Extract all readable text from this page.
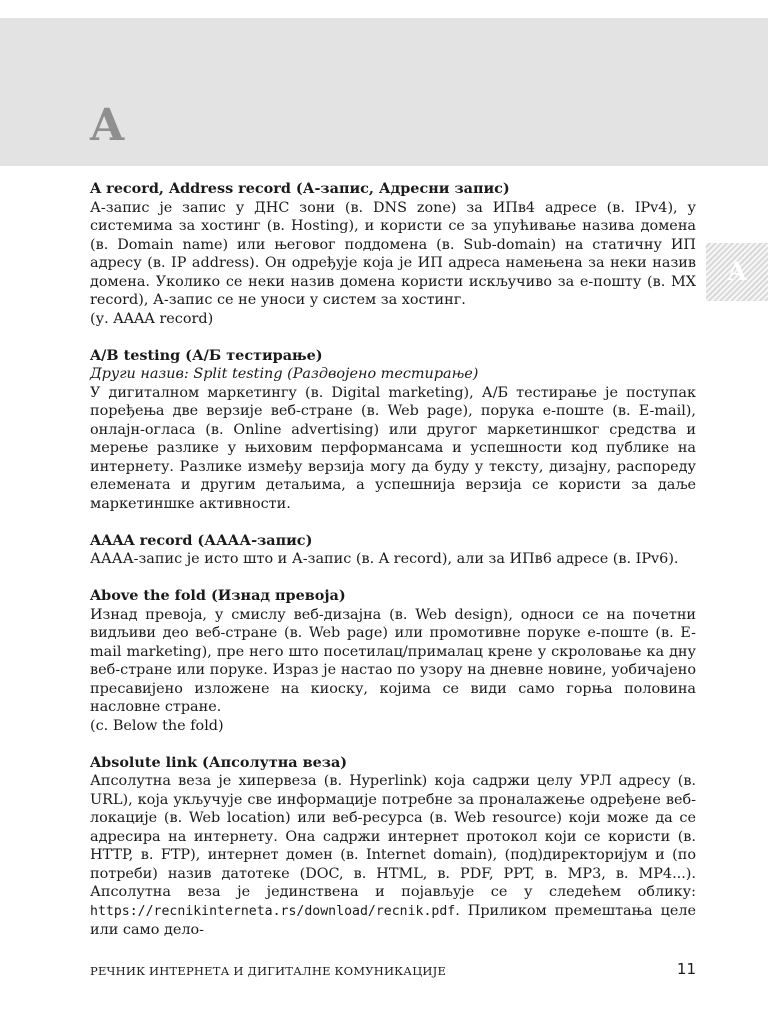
A
A
A record, Address record (А-запис, Адресни запис)
А-запис је запис у ДНС зони (в. DNS zone) за ИПв4 адресе (в. IPv4), у системима за хостинг (в. Hosting), и користи се за упућивање назива домена (в. Domain name) или његовог поддомена (в. Sub-domain) на статичну ИП адресу (в. IP address). Он одређује која је ИП адреса намењена за неки назив домена. Уколико се неки назив домена користи искључиво за е-пошту (в. MX record), А-запис се не уноси у систем за хостинг.
(у. AAAA record)
A/B testing (А/Б тестирање)
Други назив: Split testing (Раздвојено тестирање)
У дигиталном маркетингу (в. Digital marketing), А/Б тестирање је поступак поређења две верзије веб-стране (в. Web page), порука е-поште (в. E-mail), онлајн-огласа (в. Online advertising) или другог маркетиншког средства и мерење разлике у њиховим перформансама и успешности код публике на интернету. Разлике између верзија могу да буду у тексту, дизајну, распореду елемената и другим детаљима, а успешнија верзија се користи за даље маркетиншке активности.
AAAA record (АААА-запис)
АААА-запис је исто што и А-запис (в. A record), али за ИПв6 адресе (в. IPv6).
Above the fold (Изнад превоја)
Изнад превоја, у смислу веб-дизајна (в. Web design), односи се на почетни видљиви део веб-стране (в. Web page) или промотивне поруке е-поште (в. E-mail marketing), пре него што посетилац/прималац крене у скроловање ка дну веб-стране или поруке. Израз је настао по узору на дневне новине, уобичајено пресавијено изложене на киоску, којима се види само горња половина насловне стране.
(с. Below the fold)
Absolute link (Апсолутна веза)
Апсолутна веза је хипервеза (в. Hyperlink) која садржи целу УРЛ адресу (в. URL), која укључује све информације потребне за проналажење одређене веб-локације (в. Web location) или веб-ресурса (в. Web resource) који може да се адресира на интернету. Она садржи интернет протокол који се користи (в. HTTP, в. FTP), интернет домен (в. Internet domain), (под)директоријум и (по потреби) назив датотеке (DOC, в. HTML, в. PDF, PPT, в. MP3, в. MP4...). Апсолутна веза је јединствена и појављује се у следећем облику: https://recnikinterneta.rs/download/recnik.pdf. Приликом премештања целе или само дело-
РЕЧНИК ИНТЕРНЕТА И ДИГИТАЛНЕ КОМУНИКАЦИЈЕ	11
